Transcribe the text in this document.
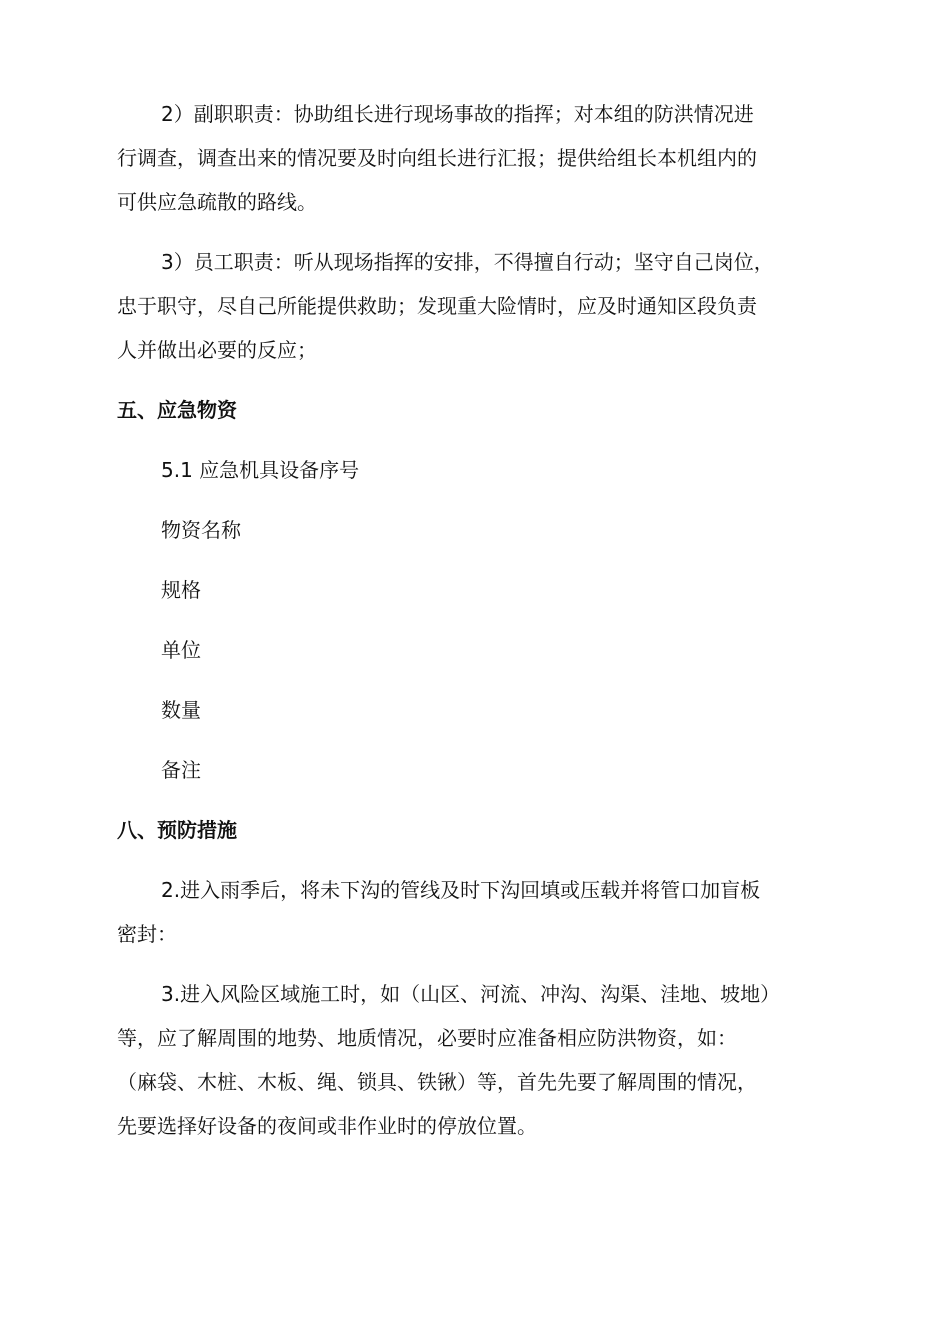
2）副职职责：协助组长进行现场事故的指挥；对本组的防洪情况进
行调查，调查出来的情况要及时向组长进行汇报；提供给组长本机组内的
可供应急疏散的路线。

3）员工职责：听从现场指挥的安排，不得擅自行动；坚守自己岗位，
忠于职守，尽自己所能提供救助；发现重大险情时，应及时通知区段负责
人并做出必要的反应；

五、应急物资

5.1 应急机具设备序号

物资名称

规格

单位

数量

备注

八、预防措施

2.进入雨季后，将未下沟的管线及时下沟回填或压载并将管口加盲板
密封：

3.进入风险区域施工时，如（山区、河流、冲沟、沟渠、洼地、坡地）
等，应了解周围的地势、地质情况，必要时应准备相应防洪物资，如：
（麻袋、木桩、木板、绳、锁具、铁锹）等，首先先要了解周围的情况，
先要选择好设备的夜间或非作业时的停放位置。
